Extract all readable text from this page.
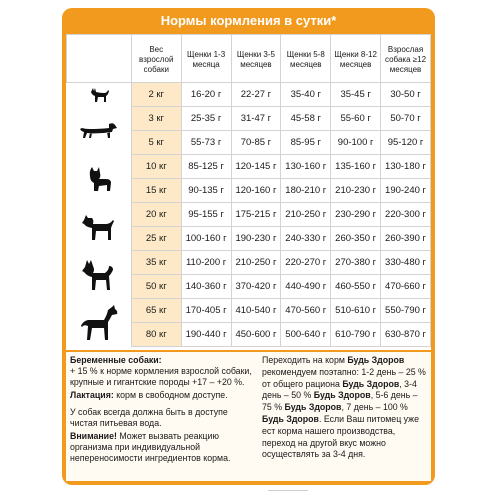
Нормы кормления в сутки*
	Вес взрослой собаки	Щенки 1-3 месяца	Щенки 3-5 месяцев	Щенки 5-8 месяцев	Щенки 8-12 месяцев	Взрослая собака ≥12 месяцев

	2 кг	16-20 г	22-27 г	35-40 г	35-45 г	30-50 г

	3 кг	25-35 г	31-47 г	45-58 г	55-60 г	50-70 г
	5 кг	55-73 г	70-85 г	85-95 г	90-100 г	95-120 г

	10 кг	85-125 г	120-145 г	130-160 г	135-160 г	130-180 г
	15 кг	90-135 г	120-160 г	180-210 г	210-230 г	190-240 г

	20 кг	95-155 г	175-215 г	210-250 г	230-290 г	220-300 г
	25 кг	100-160 г	190-230 г	240-330 г	260-350 г	260-390 г

	35 кг	110-200 г	210-250 г	220-270 г	270-380 г	330-480 г
	50 кг	140-360 г	370-420 г	440-490 г	460-550 г	470-660 г

	65 кг	170-405 г	410-540 г	470-560 г	510-610 г	550-790 г
	80 кг	190-440 г	450-600 г	500-640 г	610-790 г	630-870 г

Беременные собаки:
+ 15 % к норме кормления взрослой собаки, крупные и гигантские породы +17 – +20 %.

Лактация: корм в свободном доступе.

У собак всегда должна быть в доступе чистая питьевая вода.

Внимание! Может вызвать реакцию организма при индивидуальной непереносимости ингредиентов корма.

Переходить на корм Будь Здоров рекомендуем поэтапно: 1-2 день – 25 % от общего рациона Будь Здоров, 3-4 день – 50 % Будь Здоров, 5-6 день – 75 % Будь Здоров, 7 день – 100 % Будь Здоров. Если Ваш питомец уже ест корма нашего производства, переход на другой вкус можно осуществлять за 3-4 дня.
